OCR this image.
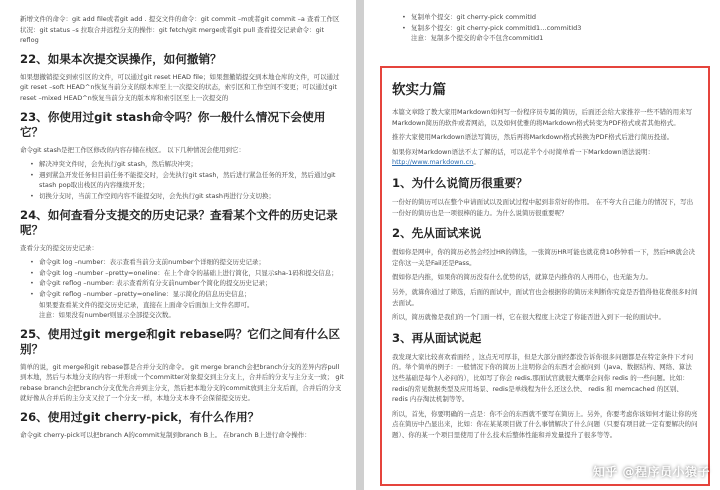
新增文件的命令：git add file或者git add . 提交文件的命令：git commit –m或者git commit –a 查看工作区状况：git status –s 拉取合并远程分支的操作：git fetch/git merge或者git pull 查看提交记录命令：git reflog

22、如果本次提交误操作，如何撤销？

如果想撤销提交到索引区的文件，可以通过git reset HEAD file；如果想撤销提交到本地仓库的文件，可以通过git reset –soft HEAD^n恢复当前分支的版本库至上一次提交的状态，索引区和工作空间不变更；可以通过git reset –mixed HEAD^n恢复当前分支的版本库和索引区至上一次提交的

23、你使用过git stash命令吗？你一般什么情况下会使用它？

命令git stash是把工作区修改的内容存储在栈区。 以下几种情况会使用到它：

• 解决冲突文件时，会先执行git stash，然后解决冲突；
• 遇到紧急开发任务但目前任务不能提交时，会先执行git stash，然后进行紧急任务的开发，然后通过git stash pop取出栈区的内容继续开发；
• 切换分支时，当前工作空间内容不能提交时，会先执行git stash再进行分支切换；
24、如何查看分支提交的历史记录？查看某个文件的历史记录呢？

查看分支的提交历史记录：

• 命令git log –number：表示查看当前分支前number个详细的提交历史记录；
• 命令git log –number –pretty=oneline：在上个命令的基础上进行简化，只显示sha-1码和提交信息；
• 命令git reflog –number: 表示查看所有分支前number个简化的提交历史记录；
• 命令git reflog –number –pretty=oneline：显示简化的信息历史信息；
如果要查看某文件的提交历史记录，直接在上面命令后面加上文件名即可。
注意：如果没有number则显示全部提交次数。
25、使用过git merge和git rebase吗？它们之间有什么区别？

简单的说，git merge和git rebase都是合并分支的命令。 git merge branch会把branch分支的差异内容pull到本地，然后与本地分支的内容一并形成一个committer对象提交到主分支上，合并后的分支与主分支一致； git rebase branch会把branch分支优先合并到主分支，然后把本地分支的commit放到主分支后面，合并后的分支就好像从合并后的主分支又拉了一个分支一样，本地分支本身不会保留提交历史。

26、使用过git cherry-pick，有什么作用？

命令git cherry-pick可以把branch A的commit复制到branch B上。 在branch B上进行命令操作：

• 复制单个提交：git cherry-pick commitId
• 复制多个提交：git cherry-pick commitId1…commitId3
注意：复制多个提交的命令不包含commitId1
软实力篇

本篇文章除了教大家用Markdown如何写一份程序员专属的简历，后面还会给大家推荐一些不错的用来写Markdown简历的软件或者网站，以及如何优雅的将Markdown格式转变为PDF格式或者其他格式。

推荐大家使用Markdown语法写简历，然后再将Markdown格式转换为PDF格式后进行简历投递。

如果你对Markdown语法不太了解的话，可以花半个小时简单看一下Markdown语法说明：http://www.markdown.cn。

1、为什么说简历很重要？

一份好的简历可以在整个申请面试以及面试过程中起到非常好的作用。 在不夸大自己能力的情况下，写出一份好的简历也是一项很棒的能力。为什么说简历很重要呢？

2、先从面试来说

假如你是网申，你的简历必然会经过HR的筛选，一张简历HR可能也就花费10秒钟看一下，然后HR就会决定你这一关是Fail还是Pass。

假如你是内推，如果你的简历没有什么优势的话，就算是内推你的人再用心，也无能为力。

另外，就算你通过了筛选，后面的面试中，面试官也会根据你的简历来判断你究竟是否值得他花费很多时间去面试。

所以，简历就像是我们的一个门面一样，它在很大程度上决定了你能否进入到下一轮的面试中。

3、再从面试说起

我发现大家比较喜欢看面经 ，这点无可厚非，但是大部分面经都没告诉你很多问题都是在特定条件下才问的。举个简单的例子：一般情况下你的简历上注明你会的东西才会被问到（Java、数据结构、网络、算法这些基础是每个人必问的），比如写了你会 redis,那面试官就很大概率会问你 redis 的一些问题。比如：redis的常见数据类型及应用场景、redis是单线程为什么还这么快、 redis 和 memcached 的区别、redis 内存淘汰机制等等。

所以，首先，你要明确的一点是：你不会的东西就不要写在简历上。另外，你要考虑你该如何才能让你的亮点在简历中凸显出来，比如：你在某某项目做了什么事情解决了什么问题（只要有项目就一定有要解决的问题）、你的某一个项目里使用了什么技术后整体性能和并发量提升了很多等等。

知乎 @程序员小猿子
